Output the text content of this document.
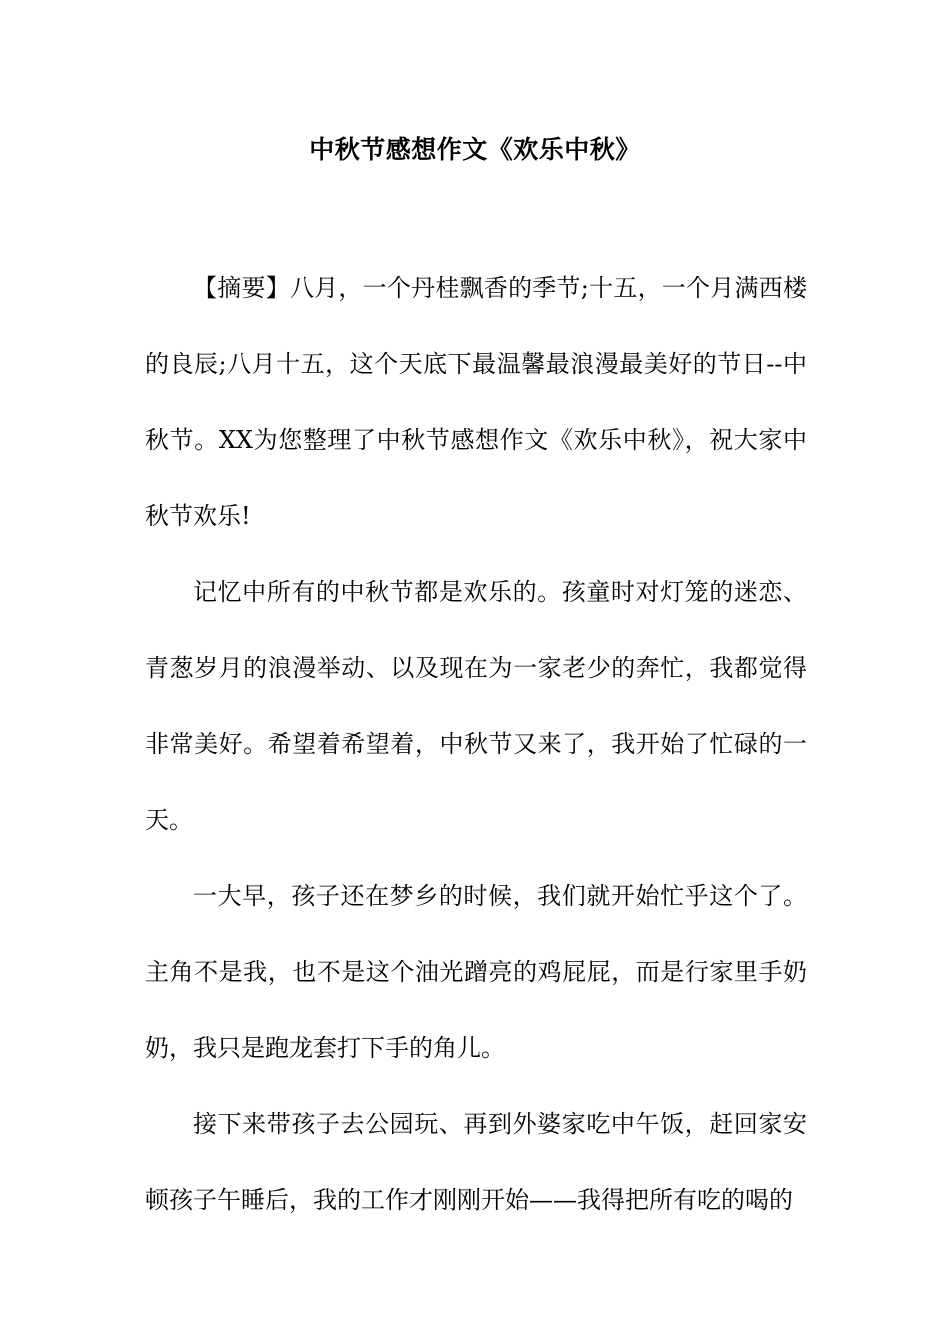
中秋节感想作文《欢乐中秋》

【摘要】八月，一个丹桂飘香的季节;十五，一个月满西楼的良辰;八月十五，这个天底下最温馨最浪漫最美好的节日--中秋节。XX为您整理了中秋节感想作文《欢乐中秋》，祝大家中秋节欢乐!

记忆中所有的中秋节都是欢乐的。孩童时对灯笼的迷恋、青葱岁月的浪漫举动、以及现在为一家老少的奔忙，我都觉得非常美好。希望着希望着，中秋节又来了，我开始了忙碌的一天。

一大早，孩子还在梦乡的时候，我们就开始忙乎这个了。主角不是我，也不是这个油光蹭亮的鸡屁屁，而是行家里手奶奶，我只是跑龙套打下手的角儿。

接下来带孩子去公园玩、再到外婆家吃中午饭，赶回家安顿孩子午睡后，我的工作才刚刚开始——我得把所有吃的喝的
